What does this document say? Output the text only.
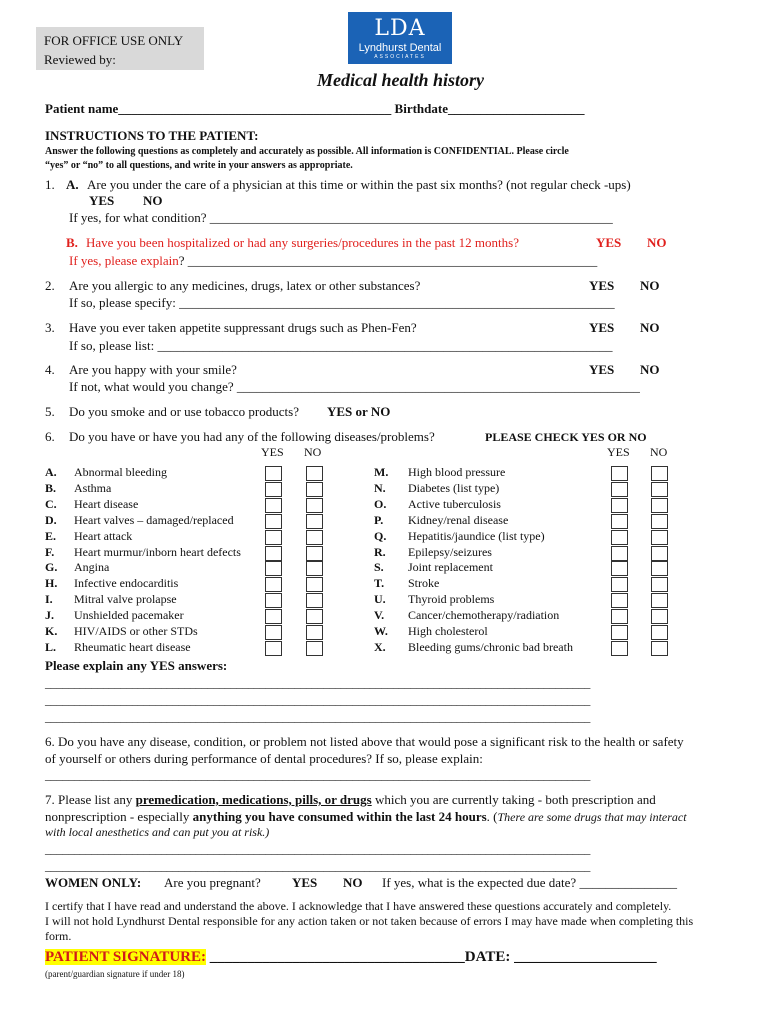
FOR OFFICE USE ONLY
Reviewed by:
LDA
Lyndhurst Dental
ASSOCIATES
Medical health history
Patient name__________________________________________ Birthdate_____________________
INSTRUCTIONS TO THE PATIENT:
Answer the following questions as completely and accurately as possible. All information is CONFIDENTIAL. Please circle
“yes” or “no” to all questions, and write in your answers as appropriate.
1. A. Are you under the care of a physician at this time or within the past six months? (not regular check -ups)
YES NO
If yes, for what condition? ______________________________________________________________
B. Have you been hospitalized or had any surgeries/procedures in the past 12 months?	YES NO
If yes, please explain? _______________________________________________________________
2. Are you allergic to any medicines, drugs, latex or other substances?	YES NO
If so, please specify: ___________________________________________________________________
3. Have you ever taken appetite suppressant drugs such as Phen-Fen?	YES NO
If so, please list: ______________________________________________________________________
4. Are you happy with your smile?	YES NO
If not, what would you change? ______________________________________________________________
5. Do you smoke and or use tobacco products? YES or NO
6. Do you have or have you had any of the following diseases/problems?	PLEASE CHECK YES OR NO
YES NO	YES NO
A. Abnormal bleeding
B. Asthma
C. Heart disease
D. Heart valves – damaged/replaced
E. Heart attack
F. Heart murmur/inborn heart defects
G. Angina
H. Infective endocarditis
I. Mitral valve prolapse
J. Unshielded pacemaker
K. HIV/AIDS or other STDs
L. Rheumatic heart disease
M. High blood pressure
N. Diabetes (list type)
O. Active tuberculosis
P. Kidney/renal disease
Q. Hepatitis/jaundice (list type)
R. Epilepsy/seizures
S. Joint replacement
T. Stroke
U. Thyroid problems
V. Cancer/chemotherapy/radiation
W. High cholesterol
X. Bleeding gums/chronic bad breath
Please explain any YES answers:
______________________________________________________________________________________________
______________________________________________________________________________________________
______________________________________________________________________________________________
6. Do you have any disease, condition, or problem not listed above that would pose a significant risk to the health or safety
of yourself or others during performance of dental procedures? If so, please explain:
______________________________________________________________________________________________
7. Please list any premedication, medications, pills, or drugs which you are currently taking - both prescription and
nonprescription - especially anything you have consumed within the last 24 hours. (There are some drugs that may interact
with local anesthetics and can put you at risk.)
______________________________________________________________________________________________
______________________________________________________________________________________________
WOMEN ONLY: Are you pregnant? YES NO If yes, what is the expected due date? _______________
I certify that I have read and understand the above. I acknowledge that I have answered these questions accurately and completely.
I will not hold Lyndhurst Dental responsible for any action taken or not taken because of errors I may have made when completing this
form.
PATIENT SIGNATURE: __________________________________DATE: ___________________
(parent/guardian signature if under 18)
